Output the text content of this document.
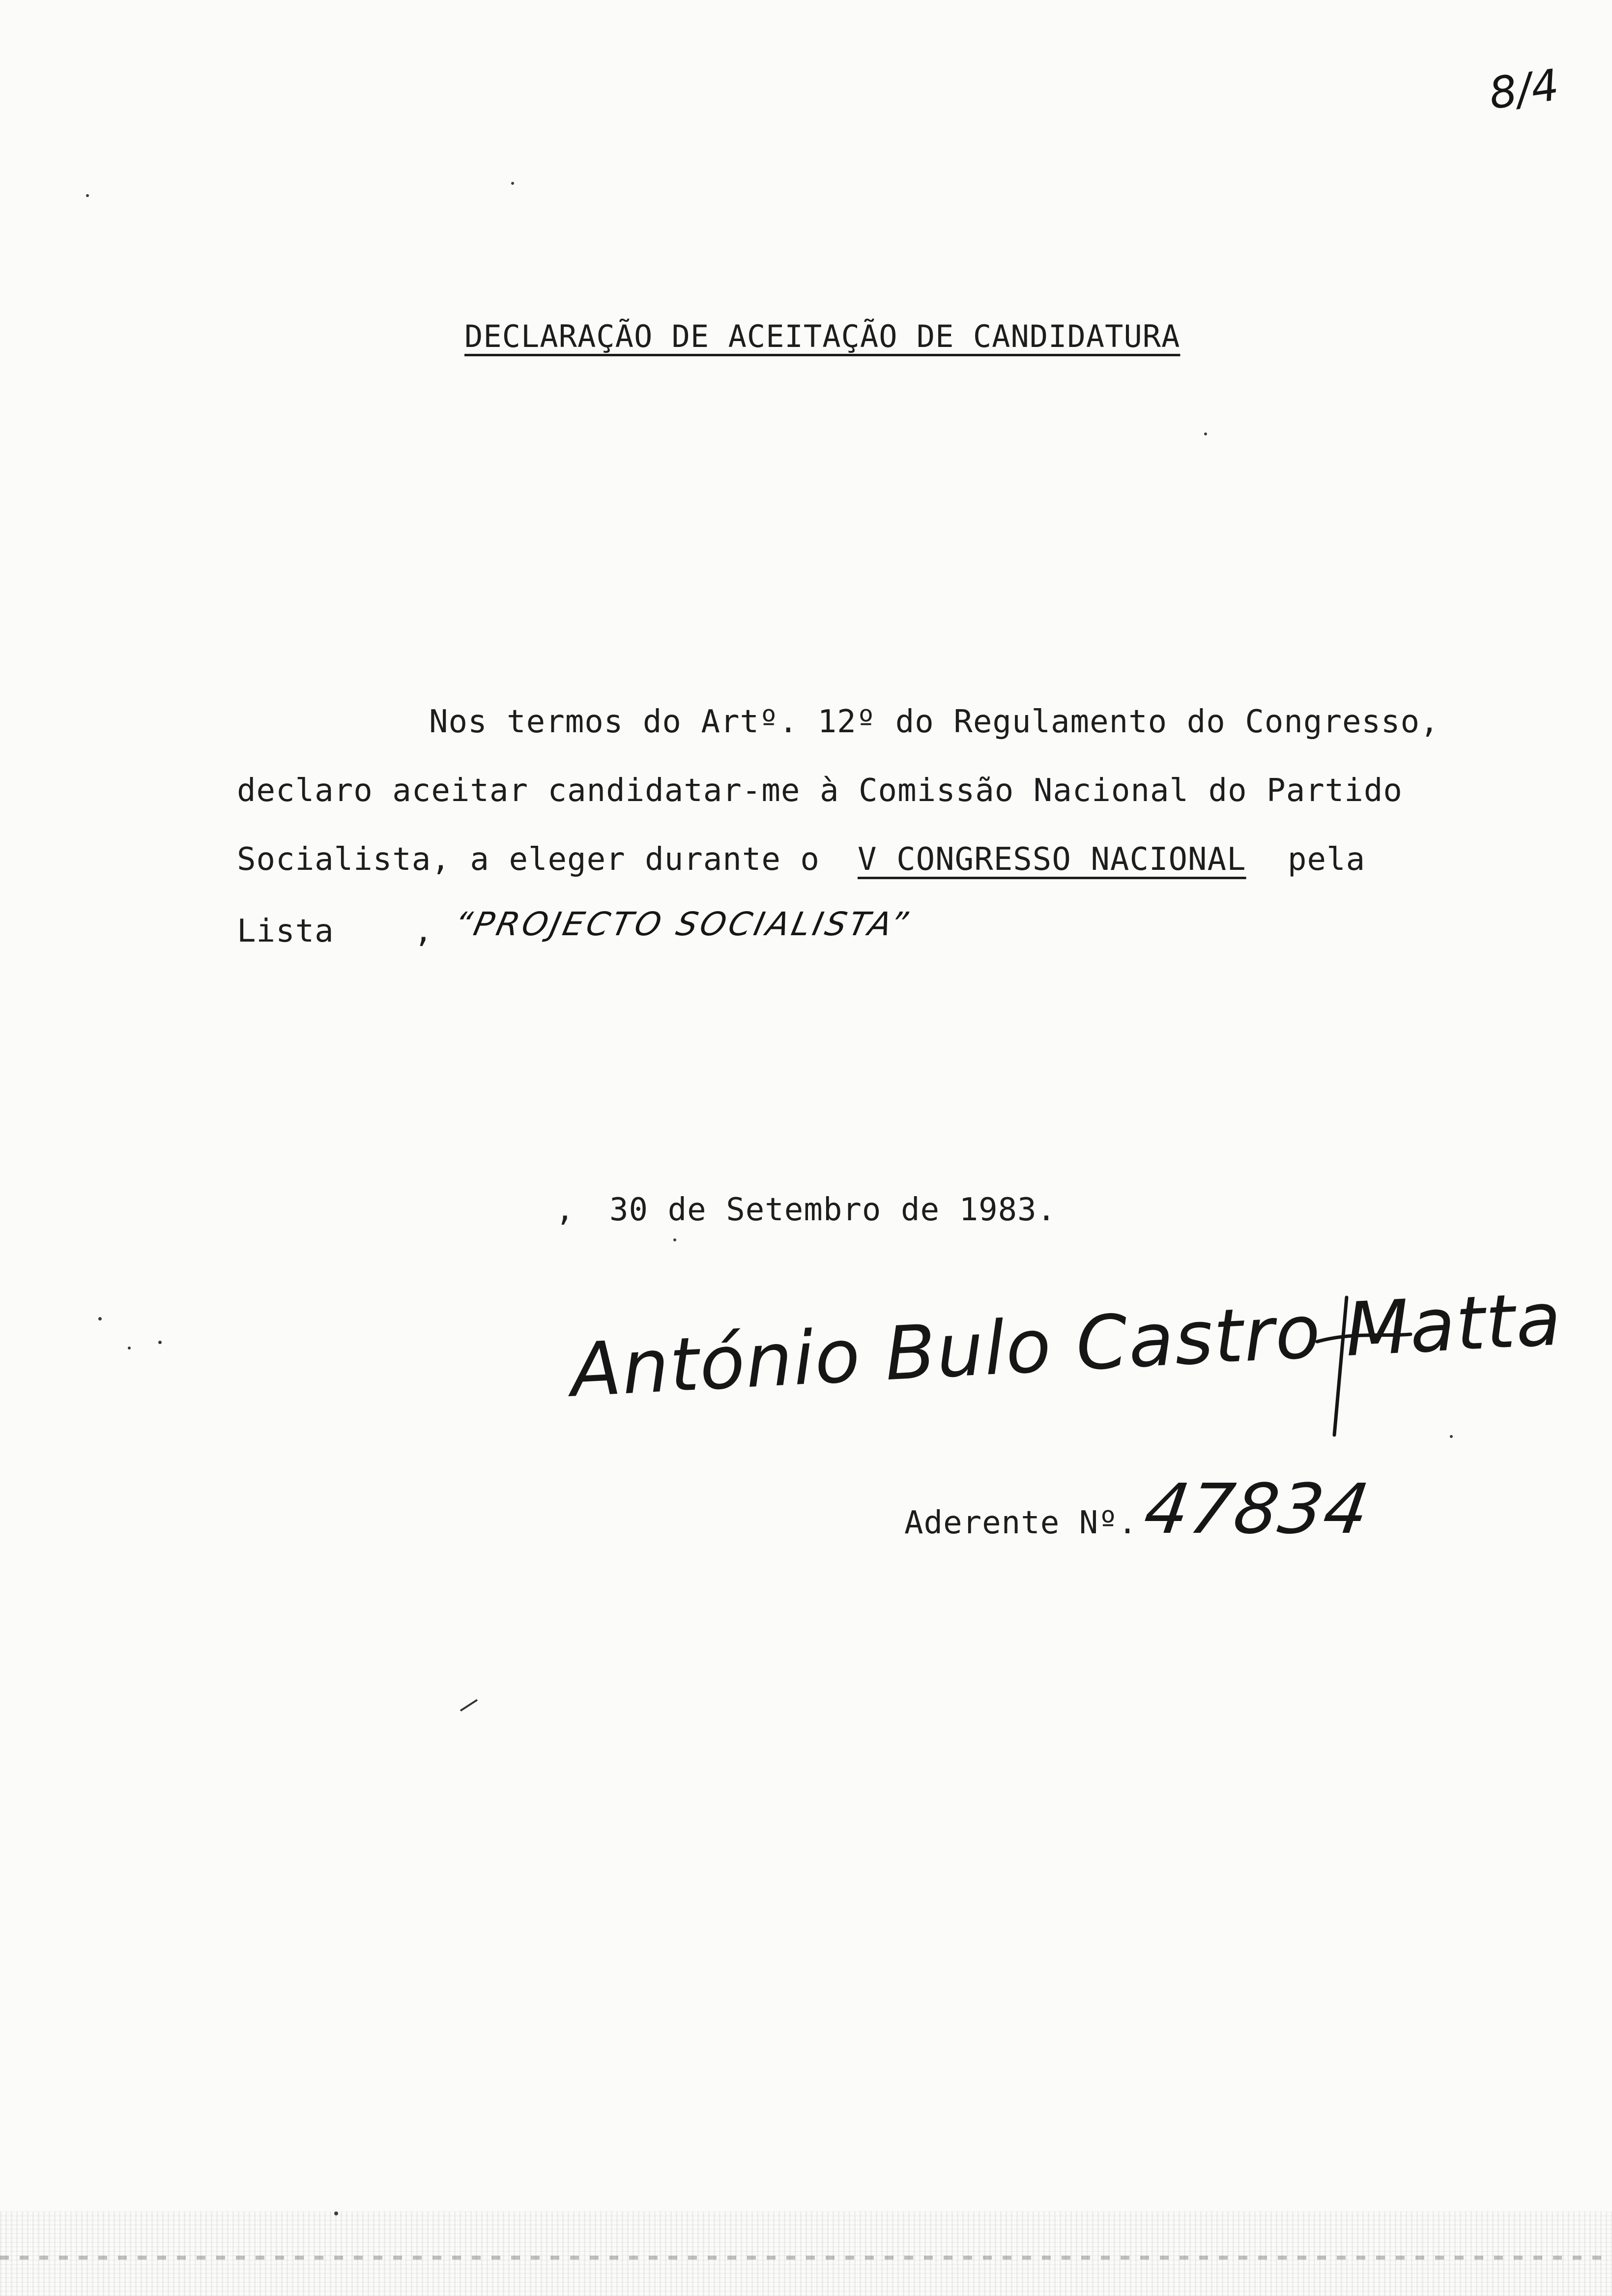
8/4
DECLARAÇÃO DE ACEITAÇÃO DE CANDIDATURA
Nos termos do Artº. 12º do Regulamento do Congresso,
declaro aceitar candidatar-me à Comissão Nacional do Partido
Socialista, a eleger durante o V CONGRESSO NACIONAL pela
Lista	, “PROJECTO SOCIALISTA”
, 30 de Setembro de 1983.
António Bulo Castro Matta
Aderente Nº. 47834
